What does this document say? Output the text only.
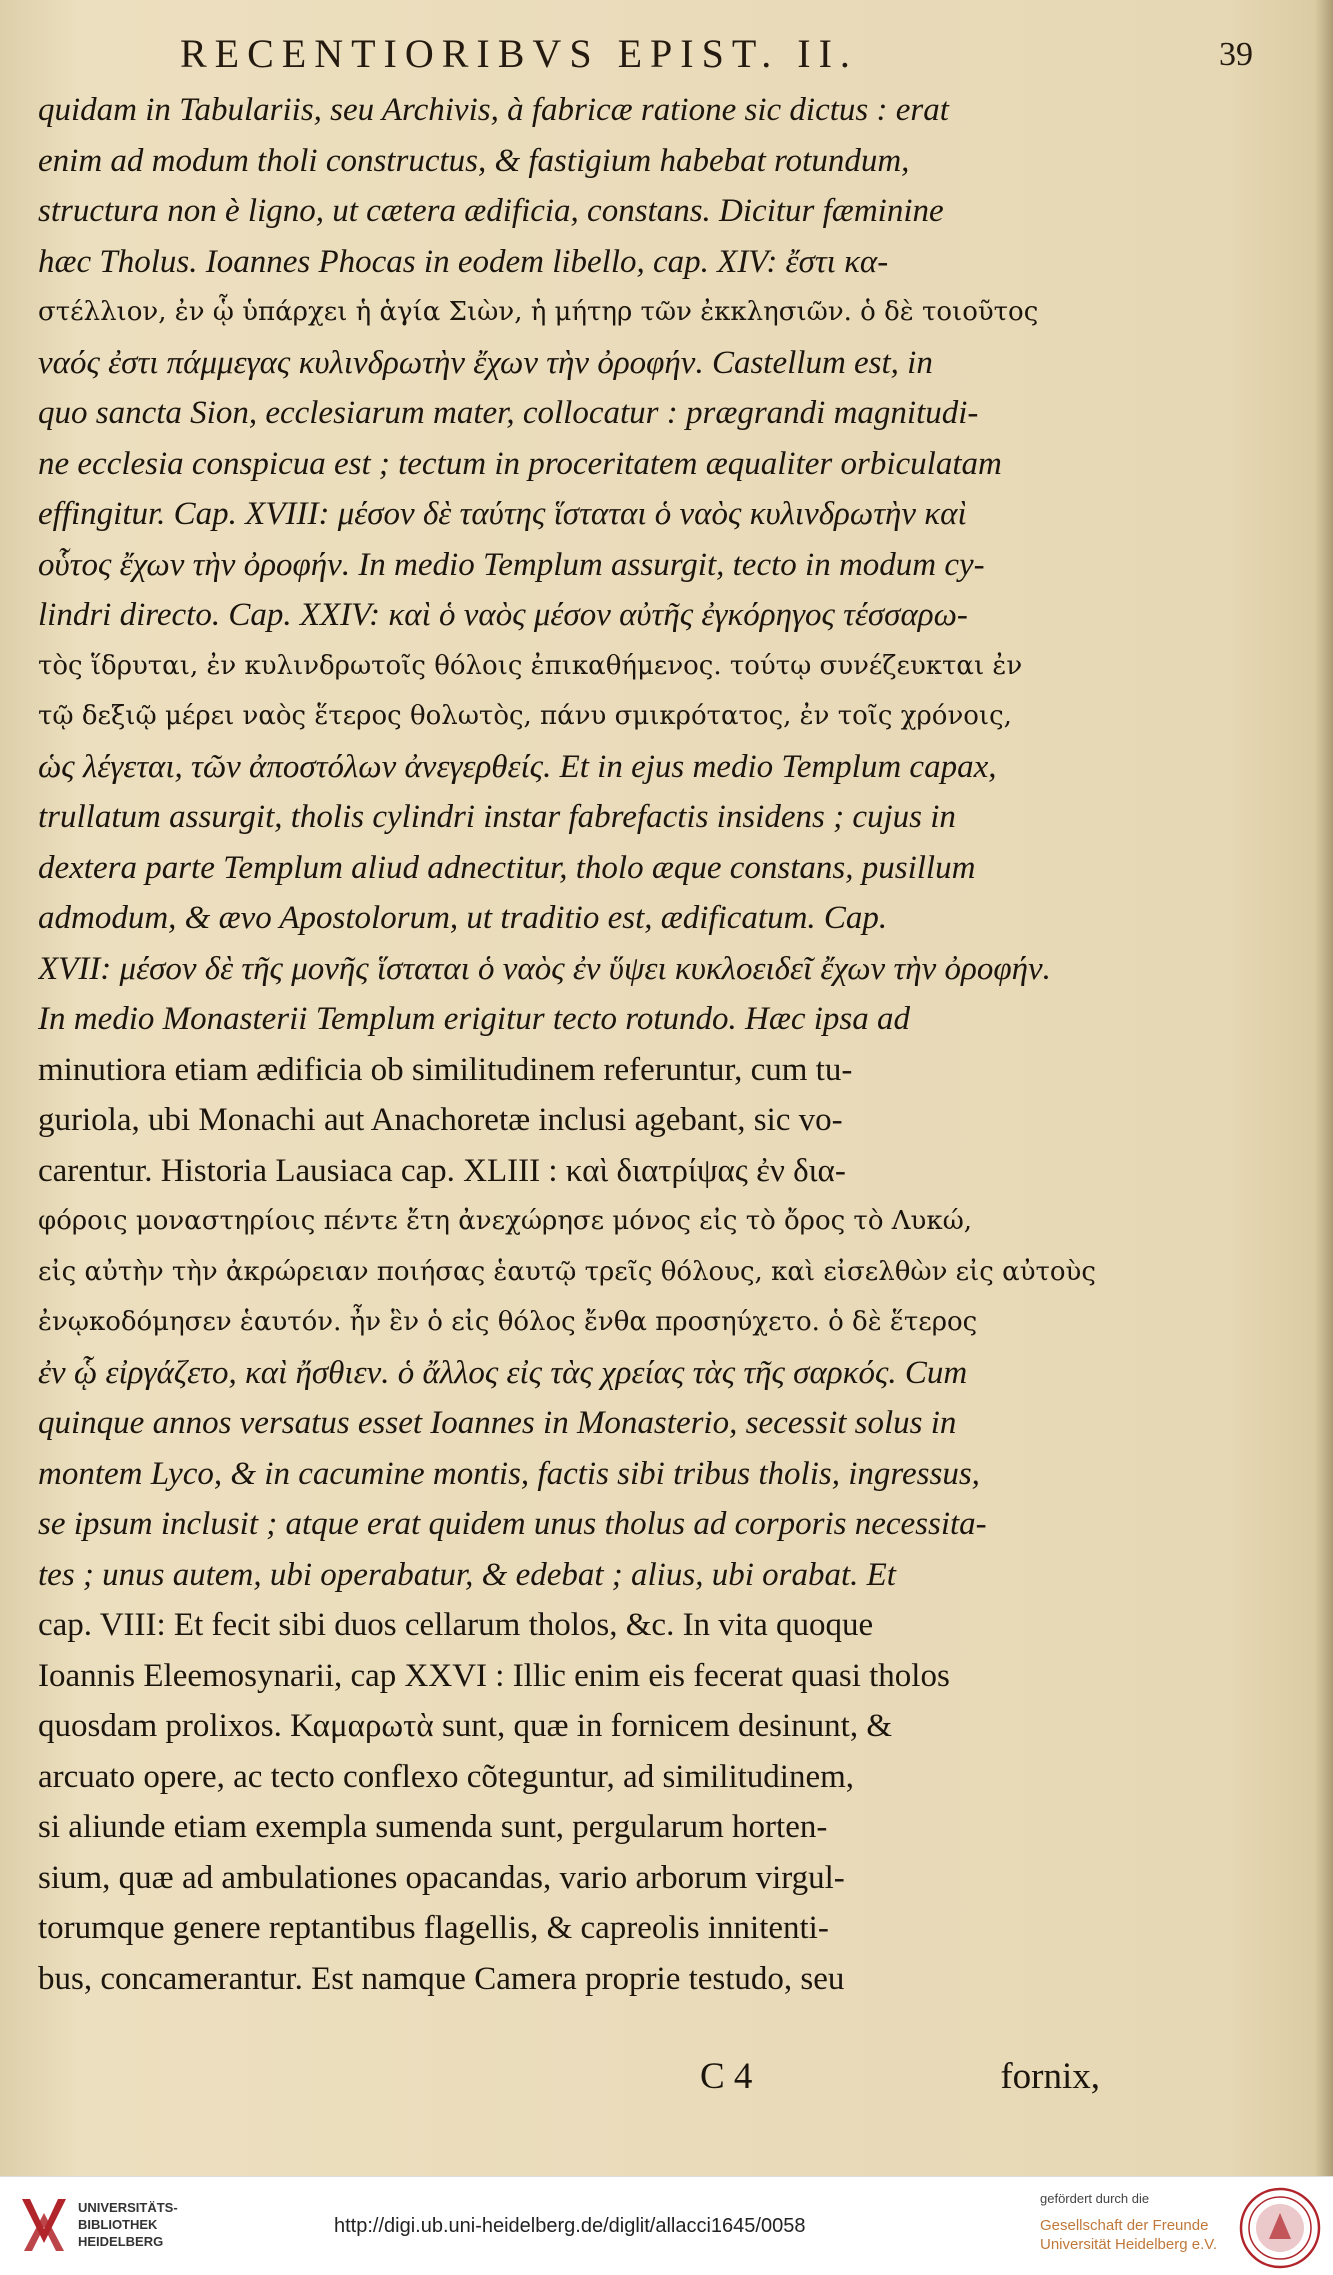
RECENTIORIBVS EPIST. II.	39
quidam in Tabulariis, seu Archivis, à fabricæ ratione sic dictus : erat
enim ad modum tholi constructus, & fastigium habebat rotundum,
structura non è ligno, ut cætera ædificia, constans. Dicitur fæminine
hæc Tholus. Ioannes Phocas in eodem libello, cap. XIV: ἔστι κα-
στέλλιον, ἐν ᾧ ὑπάρχει ἡ ἁγία Σιὼν, ἡ μήτηρ τῶν ἐκκλησιῶν. ὁ δὲ τοιοῦτος
ναός ἐστι πάμμεγας κυλινδρωτὴν ἔχων τὴν ὀροφήν. Castellum est, in
quo sancta Sion, ecclesiarum mater, collocatur : prægrandi magnitudi-
ne ecclesia conspicua est ; tectum in proceritatem æqualiter orbiculatam
effingitur. Cap. XVIII: μέσον δὲ ταύτης ἵσταται ὁ ναὸς κυλινδρωτὴν καὶ
οὗτος ἔχων τὴν ὀροφήν. In medio Templum assurgit, tecto in modum cy-
lindri directo. Cap. XXIV: καὶ ὁ ναὸς μέσον αὐτῆς ἐγκόρηγος τέσσαρω-
τὸς ἵδρυται, ἐν κυλινδρωτοῖς θόλοις ἐπικαθήμενος. τούτῳ συνέζευκται ἐν
τῷ δεξιῷ μέρει ναὸς ἕτερος θολωτὸς, πάνυ σμικρότατος, ἐν τοῖς χρόνοις,
ὡς λέγεται, τῶν ἀποστόλων ἀνεγερθείς. Et in ejus medio Templum capax,
trullatum assurgit, tholis cylindri instar fabrefactis insidens ; cujus in
dextera parte Templum aliud adnectitur, tholo æque constans, pusillum
admodum, & ævo Apostolorum, ut traditio est, ædificatum. Cap.
XVII: μέσον δὲ τῆς μονῆς ἵσταται ὁ ναὸς ἐν ὕψει κυκλοειδεῖ ἔχων τὴν ὀροφήν.
In medio Monasterii Templum erigitur tecto rotundo. Hæc ipsa ad
minutiora etiam ædificia ob similitudinem referuntur, cum tu-
guriola, ubi Monachi aut Anachoretæ inclusi agebant, sic vo-
carentur. Historia Lausiaca cap. XLIII : καὶ διατρίψας ἐν δια-
φόροις μοναστηρίοις πέντε ἔτη ἀνεχώρησε μόνος εἰς τὸ ὄρος τὸ Λυκώ,
εἰς αὐτὴν τὴν ἀκρώρειαν ποιήσας ἑαυτῷ τρεῖς θόλους, καὶ εἰσελθὼν εἰς αὐτοὺς
ἐνῳκοδόμησεν ἑαυτόν. ἦν ἓν ὁ εἰς θόλος ἔνθα προσηύχετο. ὁ δὲ ἕτερος
ἐν ᾧ εἰργάζετο, καὶ ἤσθιεν. ὁ ἄλλος εἰς τὰς χρείας τὰς τῆς σαρκός. Cum
quinque annos versatus esset Ioannes in Monasterio, secessit solus in
montem Lyco, & in cacumine montis, factis sibi tribus tholis, ingressus,
se ipsum inclusit ; atque erat quidem unus tholus ad corporis necessita-
tes ; unus autem, ubi operabatur, & edebat ; alius, ubi orabat. Et
cap. VIII: Et fecit sibi duos cellarum tholos, &c. In vita quoque
Ioannis Eleemosynarii, cap XXVI : Illic enim eis fecerat quasi tholos
quosdam prolixos. Καμαρωτὰ sunt, quæ in fornicem desinunt, &
arcuato opere, ac tecto conflexo cõteguntur, ad similitudinem,
si aliunde etiam exempla sumenda sunt, pergularum horten-
sium, quæ ad ambulationes opacandas, vario arborum virgul-
torumque genere reptantibus flagellis, & capreolis innitenti-
bus, concamerantur. Est namque Camera proprie testudo, seu
C 4	fornix,
UNIVERSITÄTS-
BIBLIOTHEK
HEIDELBERG
http://digi.ub.uni-heidelberg.de/diglit/allacci1645/0058
gefördert durch die
Gesellschaft der Freunde
Universität Heidelberg e.V.
